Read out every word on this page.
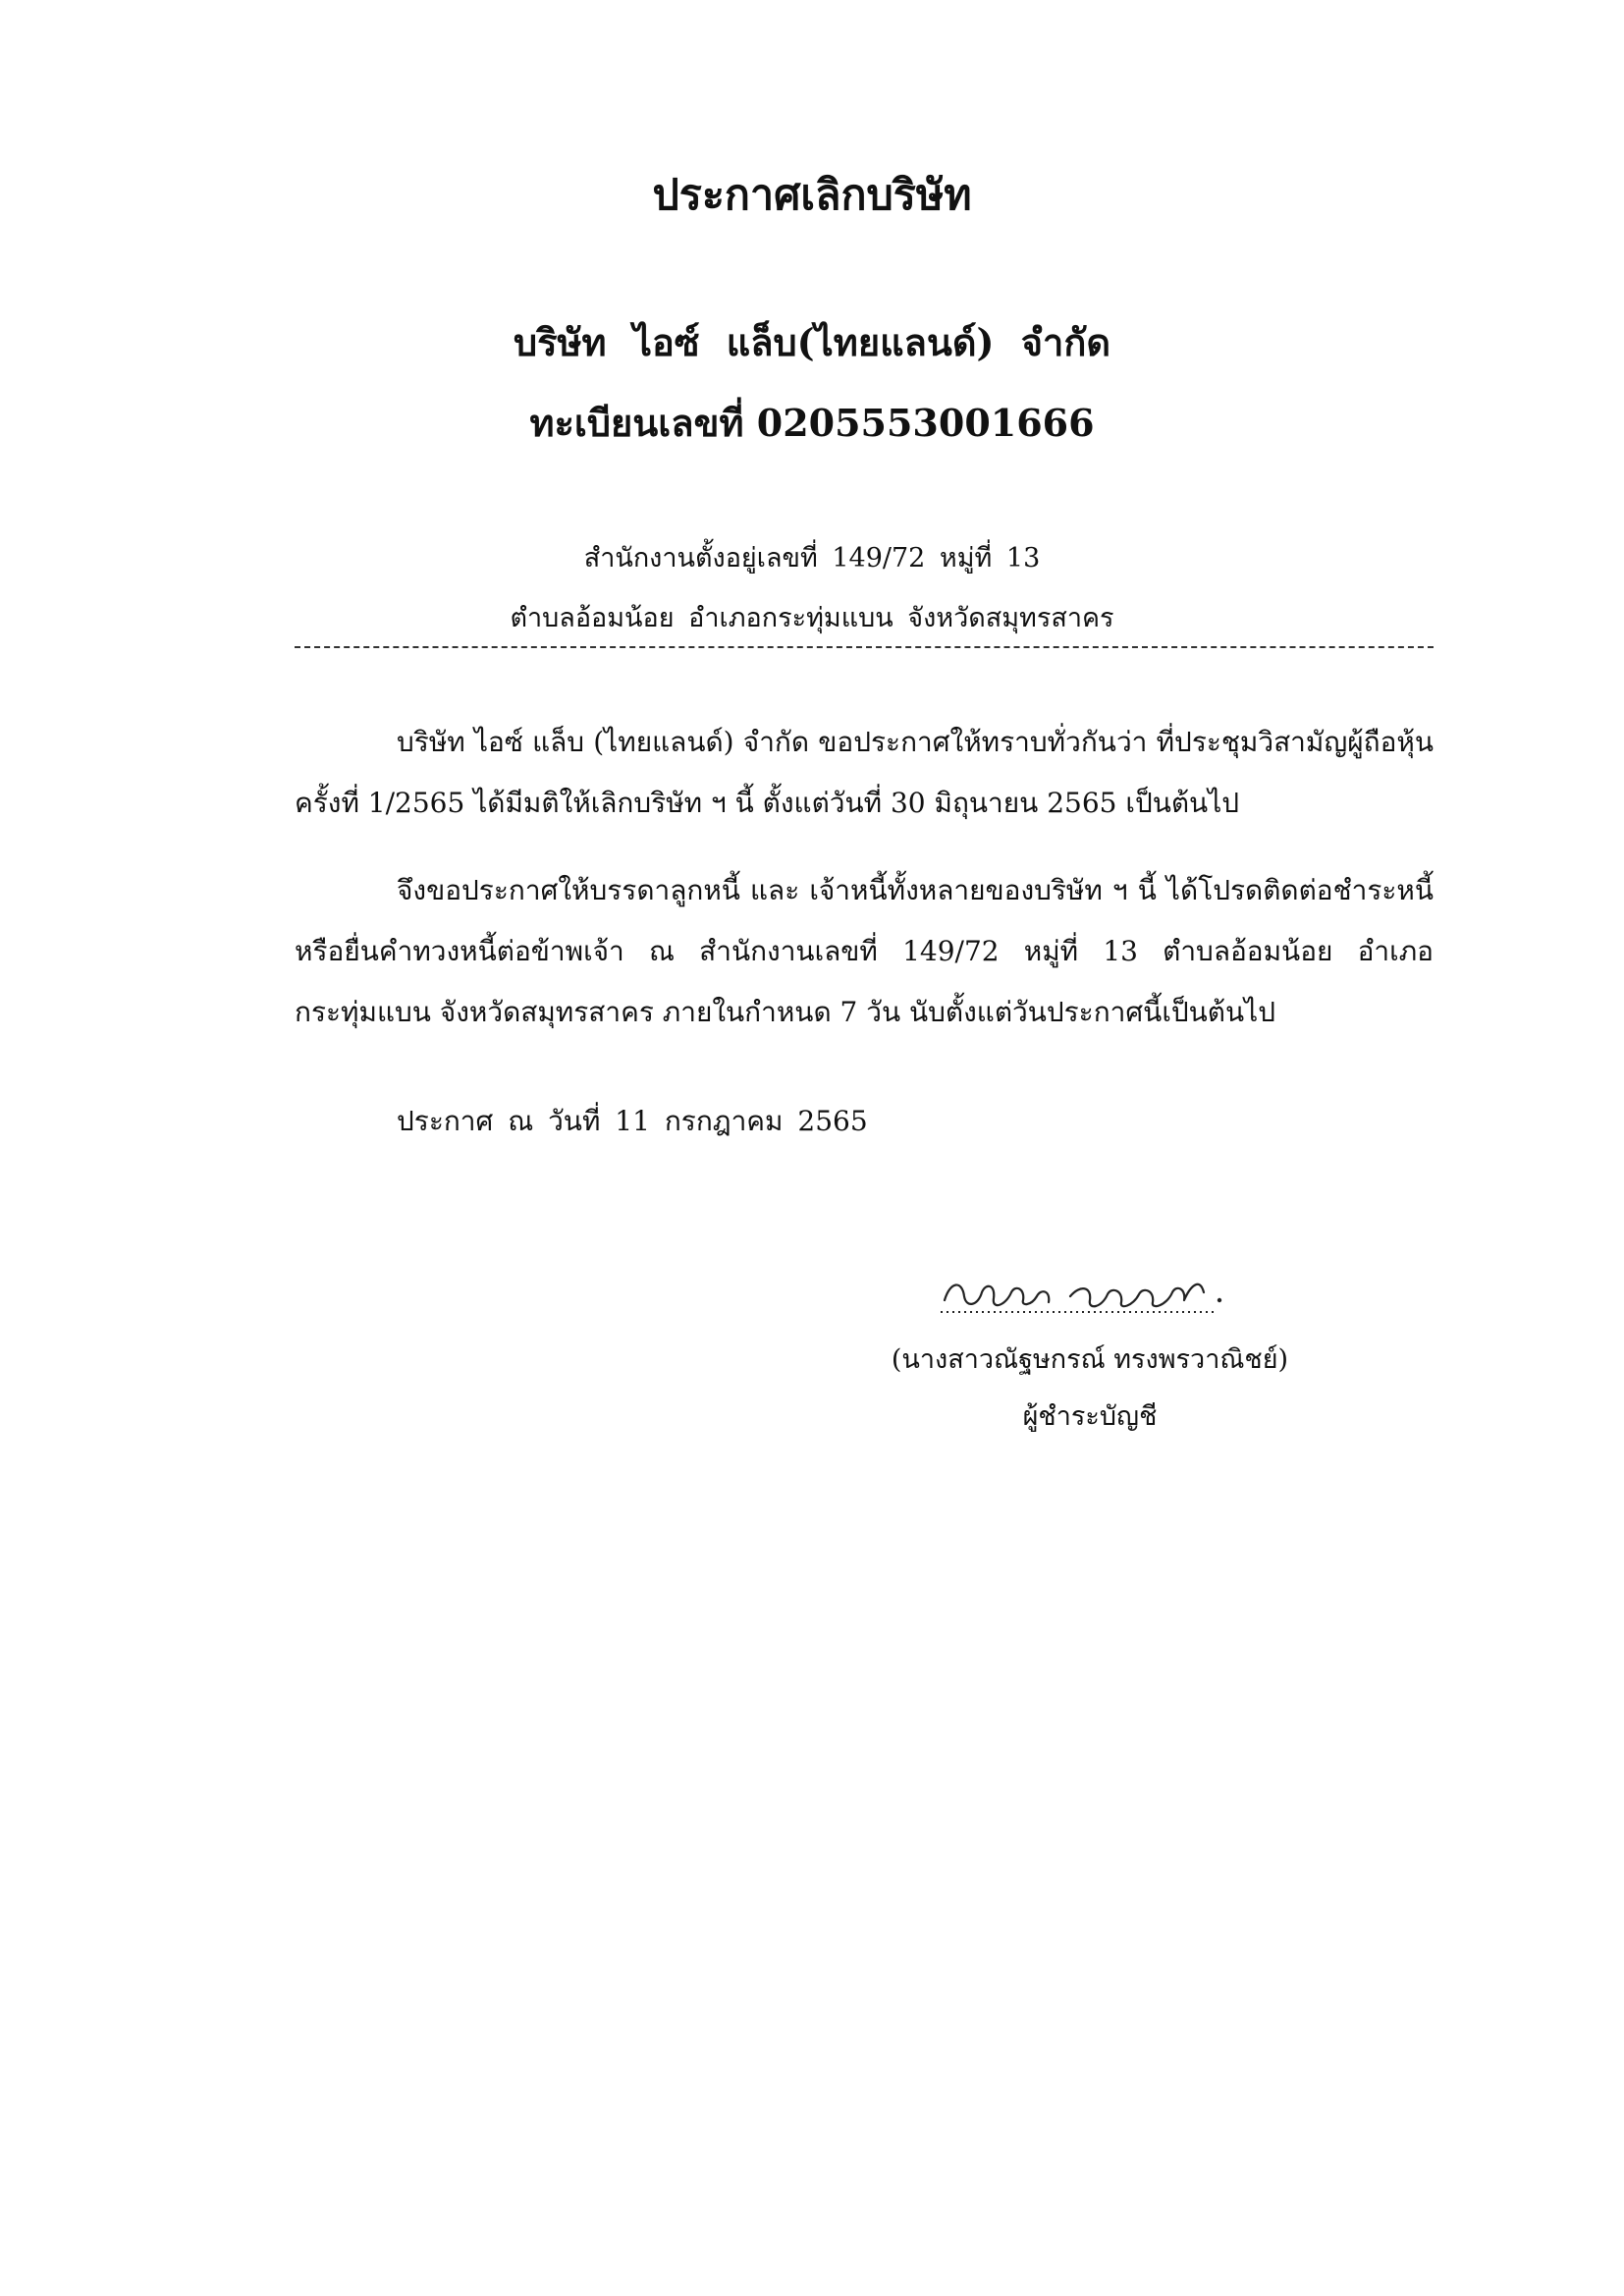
ประกาศเลิกบริษัท
บริษัท ไอซ์ แล็บ(ไทยแลนด์) จำกัด
ทะเบียนเลขที่ 0205553001666
สำนักงานตั้งอยู่เลขที่ 149/72 หมู่ที่ 13
ตำบลอ้อมน้อย อำเภอกระทุ่มแบน จังหวัดสมุทรสาคร
บริษัท ไอซ์ แล็บ (ไทยแลนด์) จำกัด ขอประกาศให้ทราบทั่วกันว่า ที่ประชุมวิสามัญผู้ถือหุ้น ครั้งที่ 1/2565 ได้มีมติให้เลิกบริษัท ฯ นี้ ตั้งแต่วันที่ 30 มิถุนายน 2565 เป็นต้นไป
จึงขอประกาศให้บรรดาลูกหนี้ และ เจ้าหนี้ทั้งหลายของบริษัท ฯ นี้ ได้โปรดติดต่อชำระหนี้หรือยื่นคำทวงหนี้ต่อข้าพเจ้า ณ สำนักงานเลขที่ 149/72 หมู่ที่ 13 ตำบลอ้อมน้อย อำเภอกระทุ่มแบน จังหวัดสมุทรสาคร ภายในกำหนด 7 วัน นับตั้งแต่วันประกาศนี้เป็นต้นไป
ประกาศ ณ วันที่ 11 กรกฎาคม 2565
(นางสาวณัฐษกรณ์ ทรงพรวาณิชย์)
ผู้ชำระบัญชี
